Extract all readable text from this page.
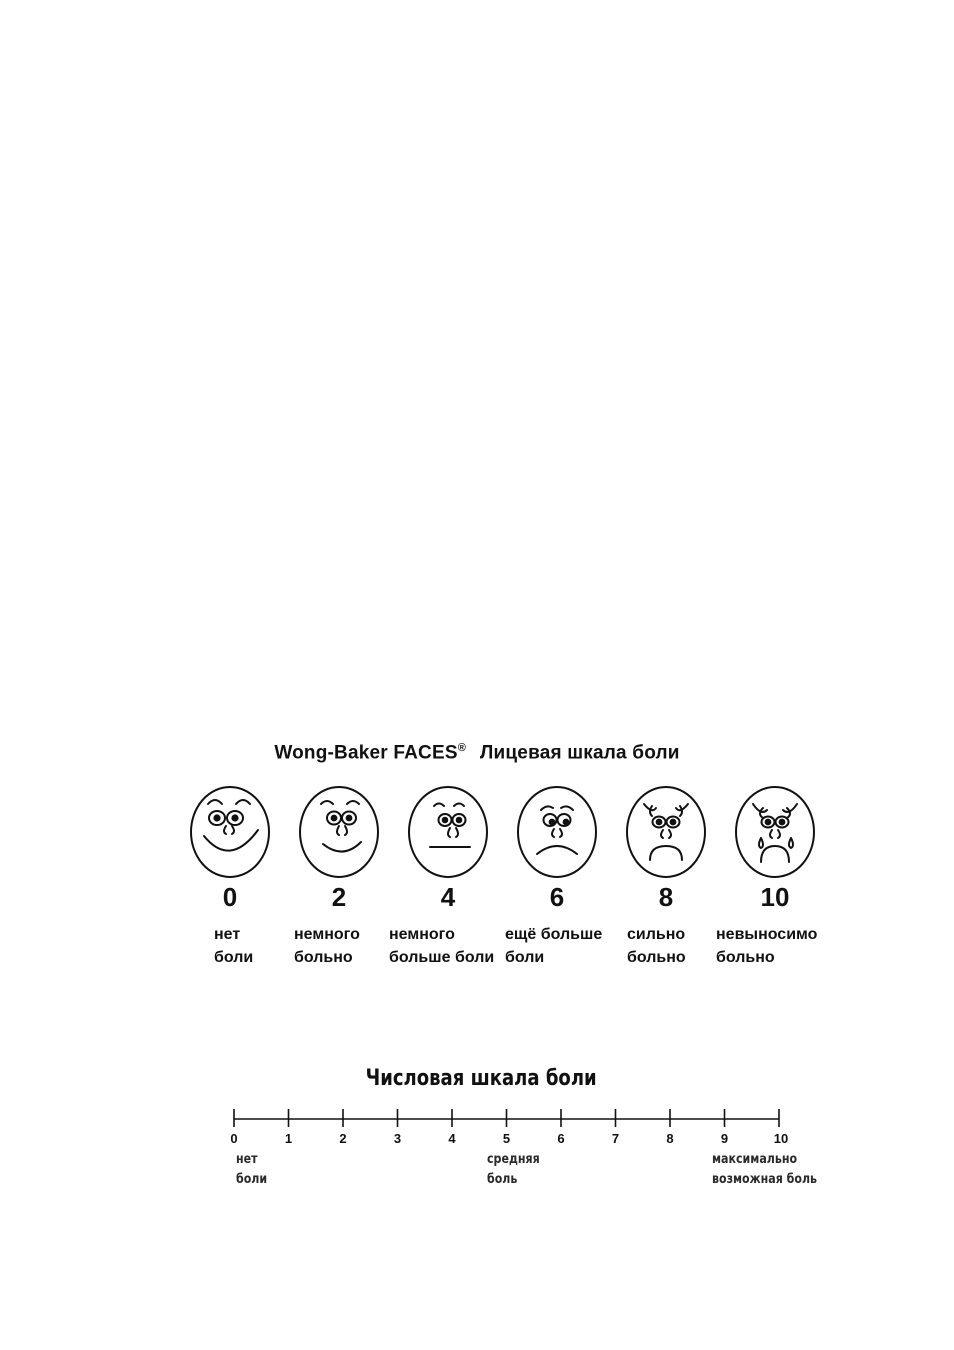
Wong-Baker FACES® Лицевая шкала боли
0
нет
боли
2
немного
больно
4
немного
больше боли
6
ещё больше
боли
8
сильно
больно
10
невыносимо
больно
Числовая шкала боли
0	1	2	3	4	5	6	7	8	9	10
нет
боли
средняя
боль
максимально
возможная боль
